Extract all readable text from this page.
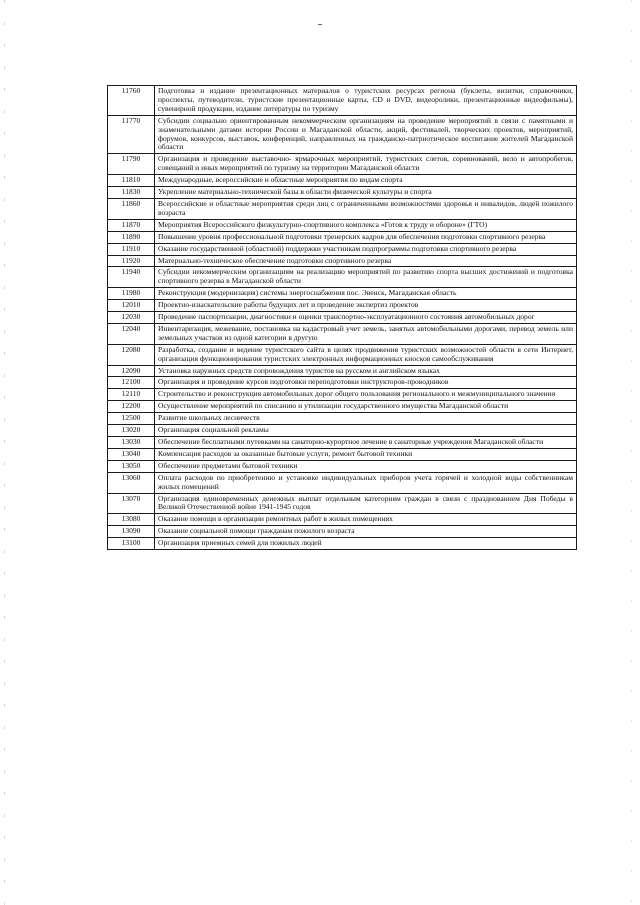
11760	Подготовка и издание презентационных материалов о туристских ресурсах региона (буклеты, визитки, справочники, проспекты, путеводители, туристские презентационные карты, CD и DVD, видеоролики, презентационные видеофильмы), сувенирной продукции, издание литературы по туризму
11770	Субсидии социально ориентированным некоммерческим организациям на проведение мероприятий в связи с памятными и знаменательными датами истории России и Магаданской области, акций, фестивалей, творческих проектов, мероприятий, форумов, конкурсов, выставок, конференций, направленных на гражданско-патриотическое воспитание жителей Магаданской области
11790	Организация и проведение выставочно- ярмарочных мероприятий, туристских слетов, соревнований, вело и автопробегов, совещаний и иных мероприятий по туризму на территории Магаданской области
11810	Международные, всероссийские и областные мероприятия по видам спорта
11830	Укрепление материально-технической базы в области физической культуры и спорта
11860	Всероссийские и областные мероприятия среди лиц с ограниченными возможностями здоровья и инвалидов, людей пожилого возраста
11870	Мероприятия Всероссийского физкультурно-спортивного комплекса «Готов к труду и обороне» (ГТО)
11890	Повышение уровня профессиональной подготовки тренерских кадров для обеспечения подготовки спортивного резерва
11910	Оказание государственной (областной) поддержки участникам подпрограммы подготовки спортивного резерва
11920	Материально-техническое обеспечение подготовки спортивного резерва
11940	Субсидии некоммерческим организациям на реализацию мероприятий по развитию спорта высших достижений и подготовка спортивного резерва в Магаданской области
11980	Реконструкция (модернизация) системы энергоснабжения пос. Эвенск, Магаданская область
12010	Проектно-изыскательские работы будущих лет и проведение экспертиз проектов
12030	Проведение паспортизации, диагностики и оценки транспортно-эксплуатационного состояния автомобильных дорог
12040	Инвентаризация, межевание, постановка на кадастровый учет земель, занятых автомобильными дорогами, перевод земель или земельных участков из одной категории в другую
12080	Разработка, создание и ведение туристского сайта в целях продвижения туристских возможностей области в сети Интернет, организация функционирования туристских электронных информационных киосков самообслуживания
12090	Установка наружных средств сопровождения туристов на русском и английском языках
12100	Организация и проведение курсов подготовки переподготовки инструкторов-проводников
12110	Строительство и реконструкция автомобильных дорог общего пользования регионального и межмуниципального значения
12200	Осуществление мероприятий по списанию и утилизации государственного имущества Магаданской области
12500	Развитие школьных лесничеств
13020	Организация социальной рекламы
13030	Обеспечение бесплатными путевками на санаторно-курортное лечение в санаторные учреждения Магаданской области
13040	Компенсация расходов за оказанные бытовые услуги, ремонт бытовой техники
13050	Обеспечение предметами бытовой техники
13060	Оплата расходов по приобретению и установке индивидуальных приборов учета горячей и холодной воды собственникам жилых помещений
13070	Организация единовременных денежных выплат отдельным категориям граждан в связи с празднованием Дня Победы в Великой Отечественной войне 1941-1945 годов
13080	Оказание помощи в организации ремонтных работ в жилых помещениях
13090	Оказание социальной помощи гражданам пожилого возраста
13100	Организация приемных семей для пожилых людей
